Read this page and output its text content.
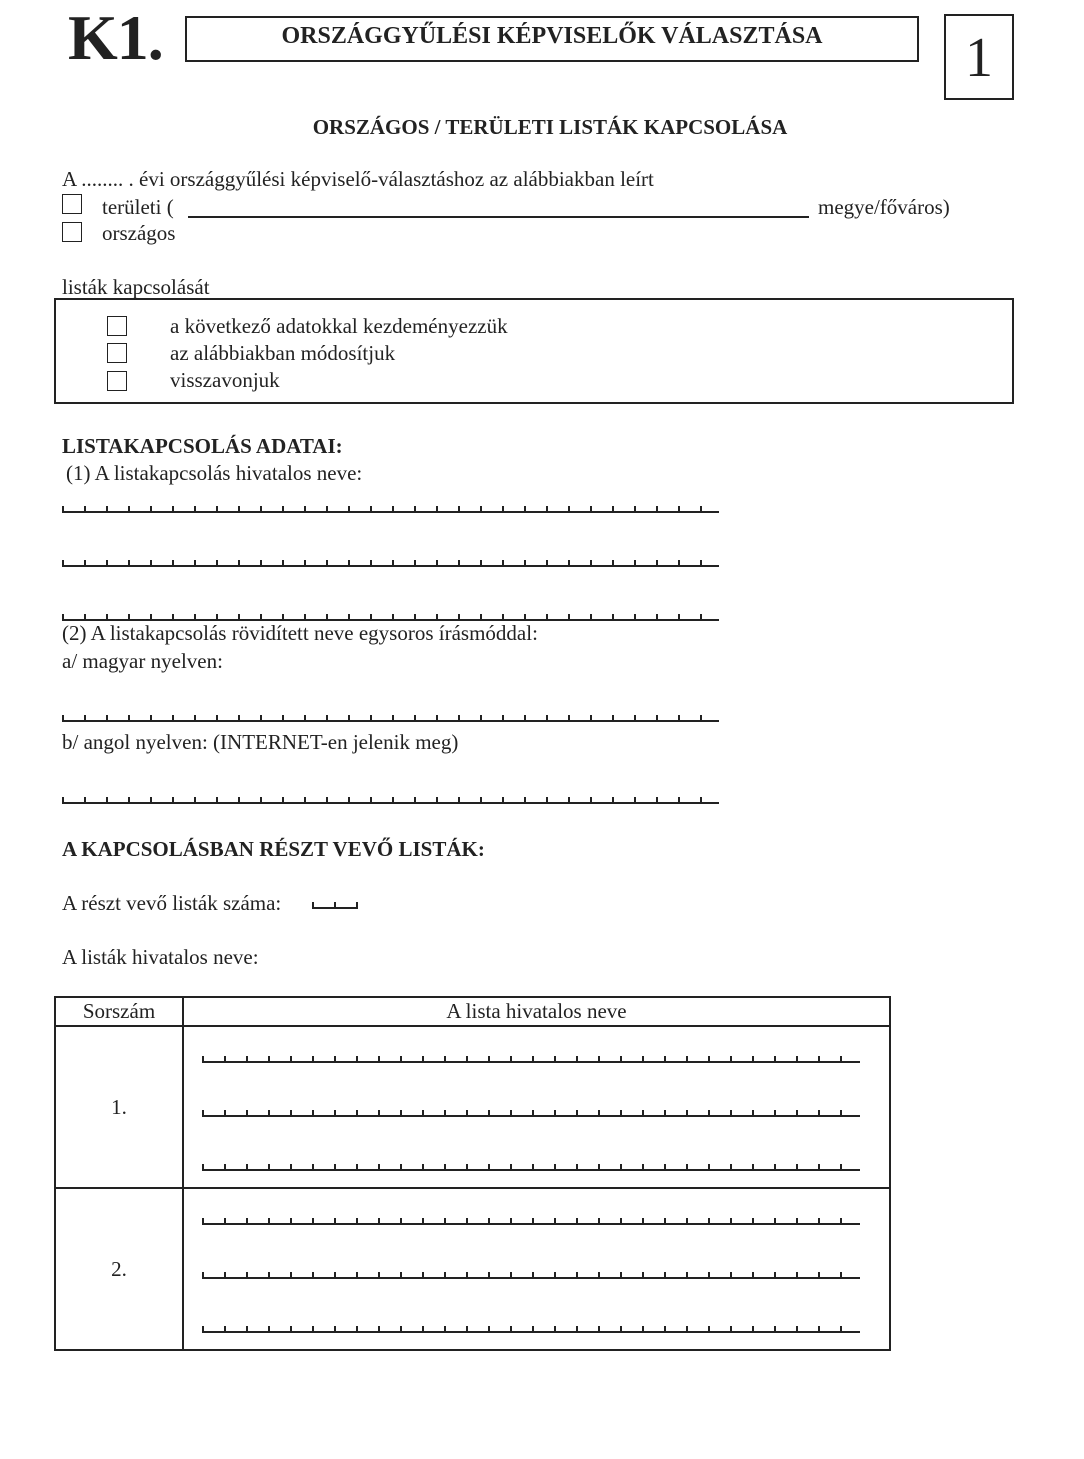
K1.	ORSZÁGGYŰLÉSI KÉPVISELŐK VÁLASZTÁSA	1
ORSZÁGOS / TERÜLETI LISTÁK KAPCSOLÁSA
A ........ . évi országgyűlési képviselő-választáshoz az alábbiakban leírt
területi (	megye/főváros)
országos
listák kapcsolását
a következő adatokkal kezdeményezzük
az alábbiakban módosítjuk
visszavonjuk
LISTAKAPCSOLÁS ADATAI:
(1) A listakapcsolás hivatalos neve:
(2) A listakapcsolás rövidített neve egysoros írásmóddal:
a/ magyar nyelven:
b/ angol nyelven: (INTERNET-en jelenik meg)
A KAPCSOLÁSBAN RÉSZT VEVŐ LISTÁK:
A részt vevő listák száma:
A listák hivatalos neve:
Sorszám	A lista hivatalos neve
1.	

2.	
